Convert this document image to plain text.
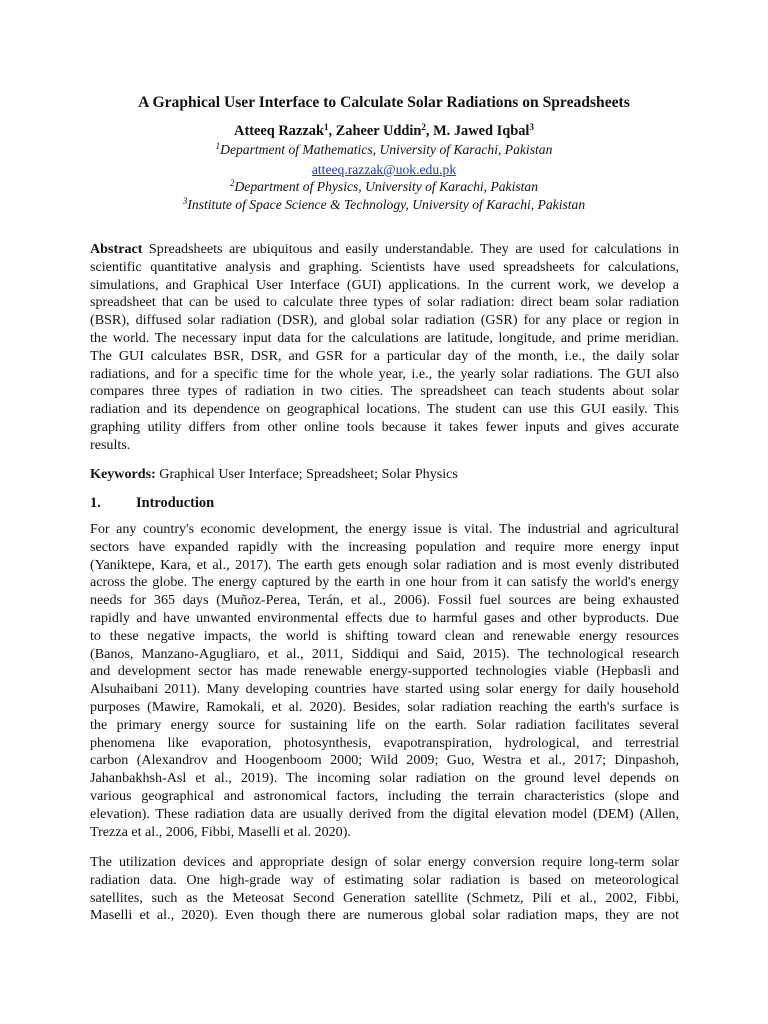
A Graphical User Interface to Calculate Solar Radiations on Spreadsheets
Atteeq Razzak$^1$, Zaheer Uddin$^2$, M. Jawed Iqbal$^3$
$^1$Department of Mathematics, University of Karachi, Pakistan
atteeq.razzak@uok.edu.pk
$^2$Department of Physics, University of Karachi, Pakistan
$^3$Institute of Space Science & Technology, University of Karachi, Pakistan
Abstract Spreadsheets are ubiquitous and easily understandable. They are used for calculations in
scientific quantitative analysis and graphing. Scientists have used spreadsheets for calculations,
simulations, and Graphical User Interface (GUI) applications. In the current work, we develop a
spreadsheet that can be used to calculate three types of solar radiation: direct beam solar radiation
(BSR), diffused solar radiation (DSR), and global solar radiation (GSR) for any place or region in
the world. The necessary input data for the calculations are latitude, longitude, and prime meridian.
The GUI calculates BSR, DSR, and GSR for a particular day of the month, i.e., the daily solar
radiations, and for a specific time for the whole year, i.e., the yearly solar radiations. The GUI also
compares three types of radiation in two cities. The spreadsheet can teach students about solar
radiation and its dependence on geographical locations. The student can use this GUI easily. This
graphing utility differs from other online tools because it takes fewer inputs and gives accurate
results.
Keywords: Graphical User Interface; Spreadsheet; Solar Physics
1. Introduction
For any country's economic development, the energy issue is vital. The industrial and agricultural
sectors have expanded rapidly with the increasing population and require more energy input
(Yaniktepe, Kara, et al., 2017). The earth gets enough solar radiation and is most evenly distributed
across the globe. The energy captured by the earth in one hour from it can satisfy the world's energy
needs for 365 days (Muñoz-Perea, Terán, et al., 2006). Fossil fuel sources are being exhausted
rapidly and have unwanted environmental effects due to harmful gases and other byproducts. Due
to these negative impacts, the world is shifting toward clean and renewable energy resources
(Banos, Manzano-Agugliaro, et al., 2011, Siddiqui and Said, 2015). The technological research
and development sector has made renewable energy-supported technologies viable (Hepbasli and
Alsuhaibani 2011). Many developing countries have started using solar energy for daily household
purposes (Mawire, Ramokali, et al. 2020). Besides, solar radiation reaching the earth's surface is
the primary energy source for sustaining life on the earth. Solar radiation facilitates several
phenomena like evaporation, photosynthesis, evapotranspiration, hydrological, and terrestrial
carbon (Alexandrov and Hoogenboom 2000; Wild 2009; Guo, Westra et al., 2017; Dinpashoh,
Jahanbakhsh-Asl et al., 2019). The incoming solar radiation on the ground level depends on
various geographical and astronomical factors, including the terrain characteristics (slope and
elevation). These radiation data are usually derived from the digital elevation model (DEM) (Allen,
Trezza et al., 2006, Fibbi, Maselli et al. 2020).
The utilization devices and appropriate design of solar energy conversion require long-term solar
radiation data. One high-grade way of estimating solar radiation is based on meteorological
satellites, such as the Meteosat Second Generation satellite (Schmetz, Pili et al., 2002, Fibbi,
Maselli et al., 2020). Even though there are numerous global solar radiation maps, they are not
